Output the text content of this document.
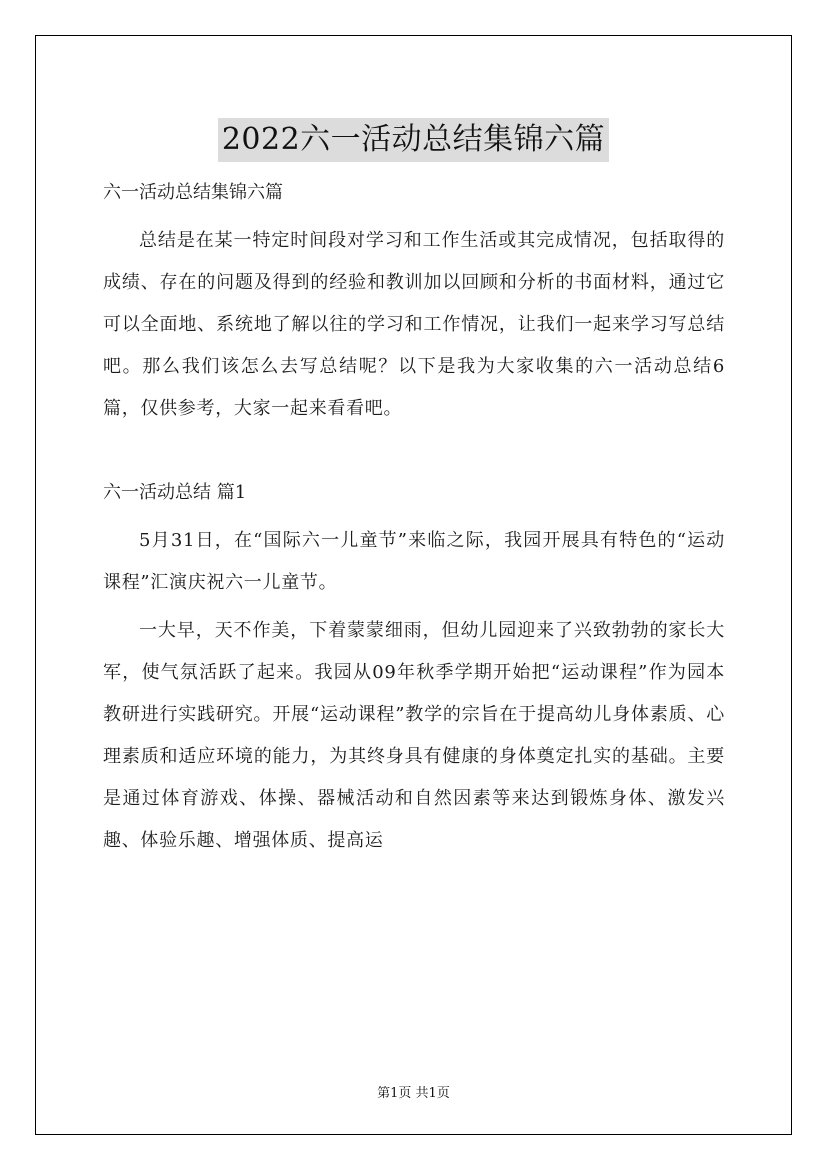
2022六一活动总结集锦六篇

六一活动总结集锦六篇

总结是在某一特定时间段对学习和工作生活或其完成情况，包括取得的成绩、存在的问题及得到的经验和教训加以回顾和分析的书面材料，通过它可以全面地、系统地了解以往的学习和工作情况，让我们一起来学习写总结吧。那么我们该怎么去写总结呢？以下是我为大家收集的六一活动总结6篇，仅供参考，大家一起来看看吧。

六一活动总结 篇1

5月31日，在“国际六一儿童节”来临之际，我园开展具有特色的“运动课程”汇演庆祝六一儿童节。

一大早，天不作美，下着蒙蒙细雨，但幼儿园迎来了兴致勃勃的家长大军，使气氛活跃了起来。我园从09年秋季学期开始把“运动课程”作为园本教研进行实践研究。开展“运动课程”教学的宗旨在于提高幼儿身体素质、心理素质和适应环境的能力，为其终身具有健康的身体奠定扎实的基础。主要是通过体育游戏、体操、器械活动和自然因素等来达到锻炼身体、激发兴趣、体验乐趣、增强体质、提高运

第1页 共1页
